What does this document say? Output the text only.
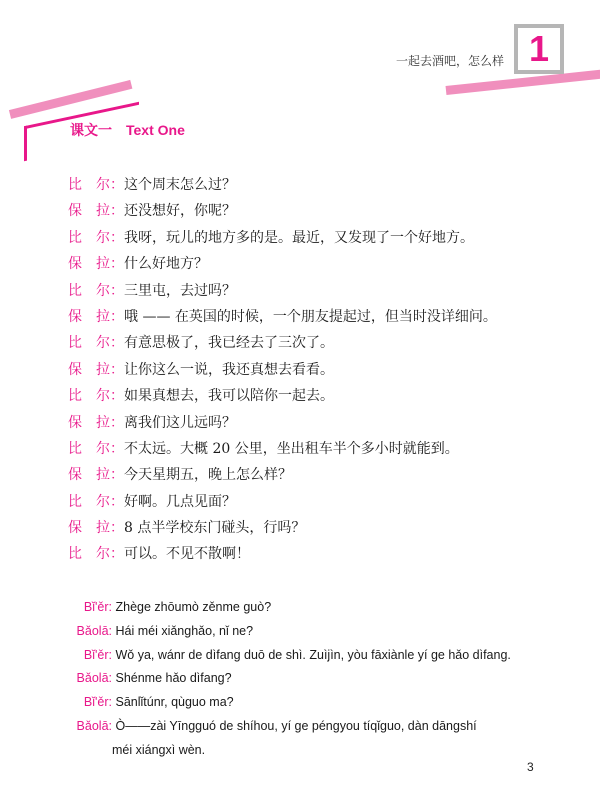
一起去酒吧，怎么样 1
课文一 Text One
比　尔：这个周末怎么过？
保　拉：还没想好，你呢？
比　尔：我呀，玩儿的地方多的是。最近，又发现了一个好地方。
保　拉：什么好地方？
比　尔：三里屯，去过吗？
保　拉：哦 —— 在英国的时候，一个朋友提起过，但当时没详细问。
比　尔：有意思极了，我已经去了三次了。
保　拉：让你这么一说，我还真想去看看。
比　尔：如果真想去，我可以陪你一起去。
保　拉：离我们这儿远吗？
比　尔：不太远。大概 20 公里，坐出租车半个多小时就能到。
保　拉：今天星期五，晚上怎么样？
比　尔：好啊。几点见面？
保　拉：8 点半学校东门碰头，行吗？
比　尔：可以。不见不散啊！
Bǐ'ěr: Zhège zhōumò zěnme guò?
Bǎolā: Hái méi xiǎnghǎo, nǐ ne?
Bǐ'ěr: Wǒ ya, wánr de dìfang duō de shì. Zuìjìn, yòu fāxiànle yí ge hǎo dìfang.
Bǎolā: Shénme hǎo dìfang?
Bǐ'ěr: Sānlǐtúnr, qùguo ma?
Bǎolā: Ò——zài Yīngguó de shíhou, yí ge péngyou tíqǐguo, dàn dāngshí
méi xiángxì wèn.
3
